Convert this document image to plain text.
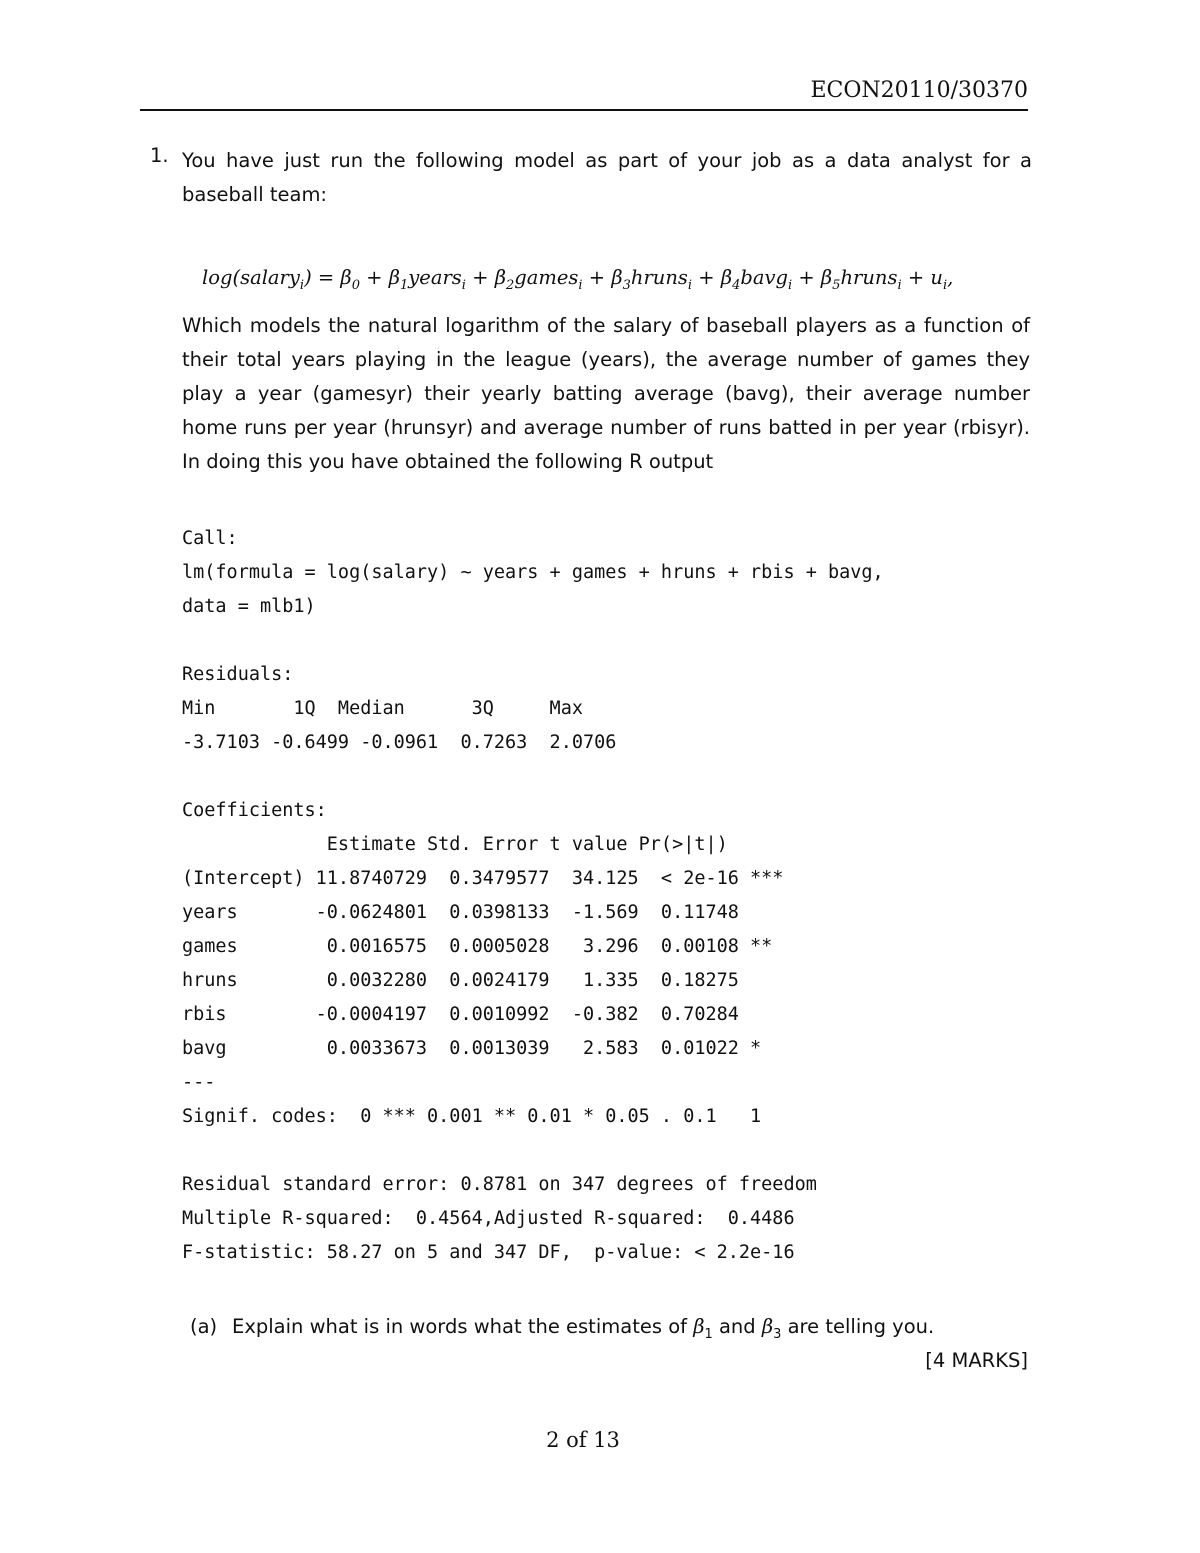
ECON20110/30370
1. You have just run the following model as part of your job as a data analyst for a baseball team:
log(salary$_i$) = $\beta_0$ + $\beta_1years_i$ + $\beta_2games_i$ + $\beta_3hruns_i$ + $\beta_4bavg_i$ + $\beta_5hruns_i + u_i$,
Which models the natural logarithm of the salary of baseball players as a function of their total years playing in the league (years), the average number of games they play a year (gamesyr) their yearly batting average (bavg), their average number home runs per year (hrunsyr) and average number of runs batted in per year (rbisyr). In doing this you have obtained the following R output
Call:
lm(formula = log(salary) ~ years + games + hruns + rbis + bavg,
data = mlb1)

Residuals:
Min       1Q  Median      3Q     Max
-3.7103 -0.6499 -0.0961  0.7263  2.0706

Coefficients:
Estimate Std. Error t value Pr(>|t|)
(Intercept) 11.8740729  0.3479577  34.125  < 2e-16 ***
years       -0.0624801  0.0398133  -1.569  0.11748
games        0.0016575  0.0005028   3.296  0.00108 **
hruns        0.0032280  0.0024179   1.335  0.18275
rbis        -0.0004197  0.0010992  -0.382  0.70284
bavg         0.0033673  0.0013039   2.583  0.01022 *
---
Signif. codes:  0 *** 0.001 ** 0.01 * 0.05 . 0.1   1

Residual standard error: 0.8781 on 347 degrees of freedom
Multiple R-squared:  0.4564,Adjusted R-squared:  0.4486
F-statistic: 58.27 on 5 and 347 DF,  p-value: < 2.2e-16
(a) Explain what is in words what the estimates of $\beta_1$ and $\beta_3$ are telling you.
[4 MARKS]
2 of 13
